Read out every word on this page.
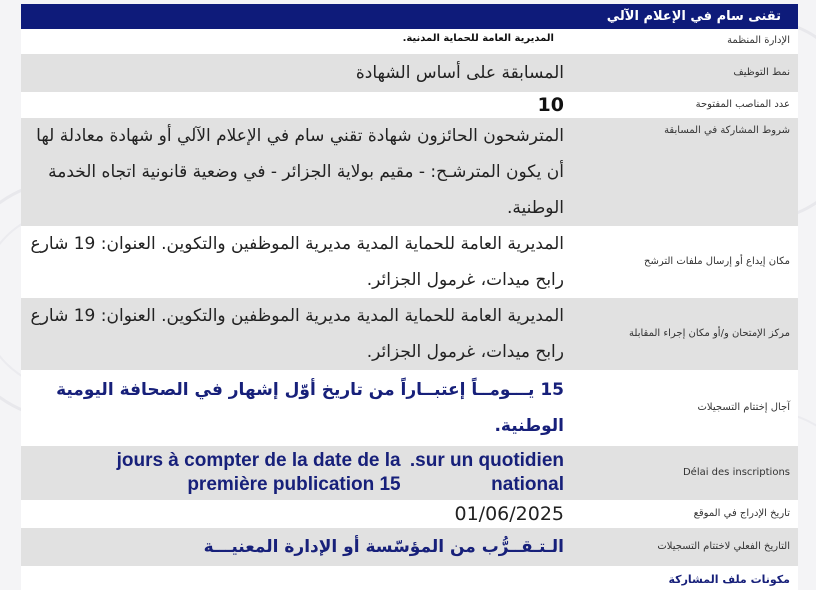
تقنى سام في الإعلام الآلي
الإدارة المنظمة
المديرية العامة للحماية المدنية.
نمط التوظيف
المسابقة على أساس الشهادة
عدد المناصب المفتوحة
10
شروط المشاركة في المسابقة
المترشحون الحائزون شهادة تقني سام في الإعلام الآلي أو شهادة معادلة لها أن يكون المترشـح: - مقيم بولاية الجزائر - في وضعية قانونية اتجاه الخدمة الوطنية.
مكان إيداع أو إرسال ملفات الترشح
المديرية العامة للحماية المدية مديرية الموظفين والتكوين. العنوان: 19 شارع رابح ميدات، غرمول الجزائر.
مركز الإمتحان و/أو مكان إجراء المقابلة
المديرية العامة للحماية المدية مديرية الموظفين والتكوين. العنوان: 19 شارع رابح ميدات، غرمول الجزائر.
آجال إختتام التسجيلات
15 يـــومــاً إعتبــاراً من تاريخ أوّل إشهار في الصحافة اليومية الوطنية.
Délai des inscriptions
jours à compter de la date de la première publication 15
.sur un quotidien national
تاريخ الإدراج في الموقع
01/06/2025
التاريخ الفعلي لاختتام التسجيلات
الـتـقــرُّب من المؤسّسة أو الإدارة المعنيـــة
مكونات ملف المشاركة
